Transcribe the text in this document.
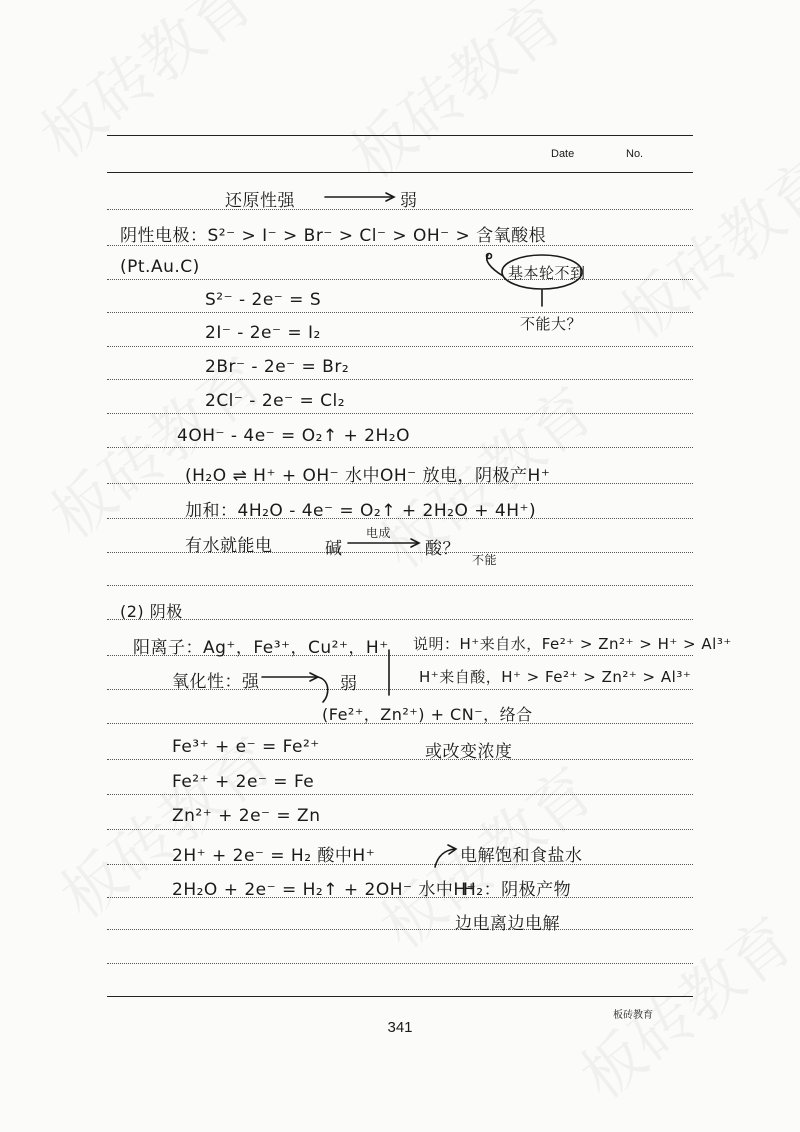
Date	No.
还原性强	弱
阴性电极：S²⁻ > I⁻ > Br⁻ > Cl⁻ > OH⁻ > 含氧酸根
(Pt.Au.C)	基本轮不到
不能大？
S²⁻ - 2e⁻ = S
2I⁻ - 2e⁻ = I₂
2Br⁻ - 2e⁻ = Br₂
2Cl⁻ - 2e⁻ = Cl₂
4OH⁻ - 4e⁻ = O₂↑ + 2H₂O
(H₂O ⇌ H⁺ + OH⁻ 水中OH⁻ 放电，阴极产H⁺
加和：4H₂O - 4e⁻ = O₂↑ + 2H₂O + 4H⁺)
有水就能电	碱
电成
酸？
不能
(2) 阴极
阳离子：Ag⁺，Fe³⁺，Cu²⁺，H⁺ 说明：H⁺来自水，Fe²⁺ > Zn²⁺ > H⁺ > Al³⁺
氧化性：强	弱	H⁺来自酸，H⁺ > Fe²⁺ > Zn²⁺ > Al³⁺
(Fe²⁺，Zn²⁺) + CN⁻，络合
Fe³⁺ + e⁻ = Fe²⁺	或改变浓度
Fe²⁺ + 2e⁻ = Fe
Zn²⁺ + 2e⁻ = Zn
2H⁺ + 2e⁻ = H₂ 酸中H⁺	电解饱和食盐水
2H₂O + 2e⁻ = H₂↑ + 2OH⁻ 水中H⁺
H₂：阴极产物
边电离边电解
板砖教育
341
